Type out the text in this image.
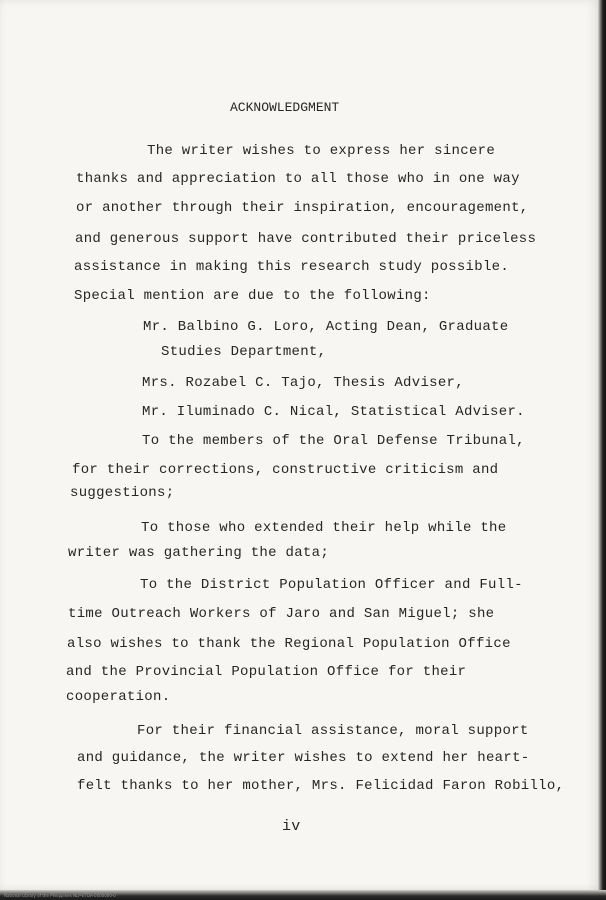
ACKNOWLEDGMENT
The writer wishes to express her sincere
thanks and appreciation to all those who in one way
or another through their inspiration, encouragement,
and generous support have contributed their priceless
assistance in making this research study possible.
Special mention are due to the following:
Mr. Balbino G. Loro, Acting Dean, Graduate
Studies Department,
Mrs. Rozabel C. Tajo, Thesis Adviser,
Mr. Iluminado C. Nical, Statistical Adviser.
To the members of the Oral Defense Tribunal,
for their corrections, constructive criticism and
suggestions;
To those who extended their help while the
writer was gathering the data;
To the District Population Officer and Full-
time Outreach Workers of Jaro and San Miguel; she
also wishes to thank the Regional Population Office
and the Provincial Population Office for their
cooperation.
For their financial assistance, moral support
and guidance, the writer wishes to extend her heart-
felt thanks to her mother, Mrs. Felicidad Faron Robillo,
iv
National Library of the Philippines NLP-ETDA-0000000-0
